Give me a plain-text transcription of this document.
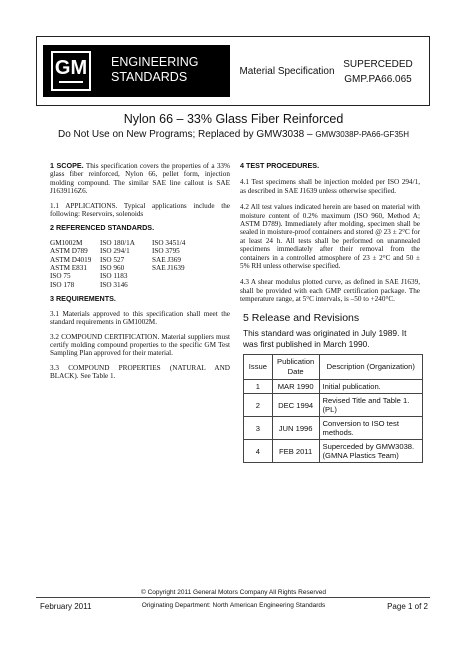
GM	ENGINEERING
STANDARDS	Material Specification
SUPERCEDED
GMP.PA66.065
Nylon 66 – 33% Glass Fiber Reinforced
Do Not Use on New Programs; Replaced by GMW3038 – GMW3038P-PA66-GF35H

1 SCOPE. This specification covers the properties of a 33% glass fiber reinforced, Nylon 66, pellet form, injection molding compound. The similar SAE line callout is SAE J1639116Z6.

1.1 APPLICATIONS. Typical applications include the following: Reservoirs, solenoids

2 REFERENCED STANDARDS.

GM1002M	ISO 180/1A	ISO 3451/4
ASTM D789	ISO 294/1	ISO 3795
ASTM D4019	ISO 527	SAE J369
ASTM E831	ISO 960	SAE J1639
ISO 75	ISO 1183
ISO 178	ISO 3146

3 REQUIREMENTS.

3.1 Materials approved to this specification shall meet the standard requirements in GM1002M.

3.2 COMPOUND CERTIFICATION. Material suppliers must certify molding compound properties to the specific GM Test Sampling Plan approved for their material.

3.3 COMPOUND PROPERTIES (NATURAL AND BLACK). See Table 1.

4 TEST PROCEDURES.

4.1 Test specimens shall be injection molded per ISO 294/1, as described in SAE J1639 unless otherwise specified.

4.2 All test values indicated herein are based on material with moisture content of 0.2% maximum (ISO 960, Method A; ASTM D789). Immediately after molding, specimen shall be sealed in moisture-proof containers and stored @ 23 ± 2°C for at least 24 h. All tests shall be performed on unannealed specimens immediately after their removal from the containers in a controlled atmosphere of 23 ± 2°C and 50 ± 5% RH unless otherwise specified.

4.3 A shear modulus plotted curve, as defined in SAE J1639, shall be provided with each GMP certification package. The temperature range, at 5°C intervals, is –50 to +240°C.

5 Release and Revisions

This standard was originated in July 1989. It was first published in March 1990.
Issue	Publication Date	Description (Organization)
1	MAR 1990	Initial publication.
2	DEC 1994	Revised Title and Table 1. (PL)
3	JUN 1996	Conversion to ISO test methods.
4	FEB 2011	Superceded by GMW3038. (GMNA Plastics Team)
© Copyright 2011 General Motors Company All Rights Reserved
February 2011	Originating Department: North American Engineering Standards	Page 1 of 2
